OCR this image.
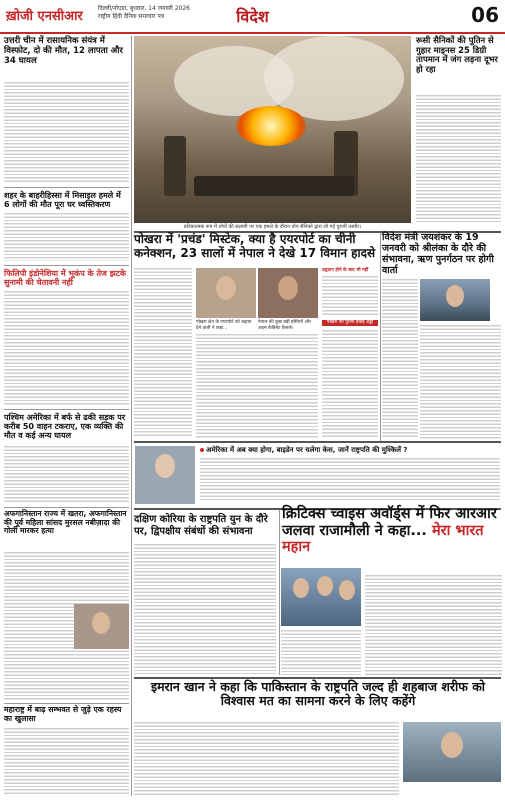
ख़ोजी एनसीआर
दिल्ली/नोएडा, बुधवार, 14 जनवरी 2026
राष्ट्रीय हिंदी दैनिक समाचार पत्र	विदेश	06
उत्तरी चीन में रासायनिक संयंत्र में विस्फोट, दो की मौत, 12 लापता और 34 घायल
शहर के बाहरीहिस्सा में मिसाइल हमले में 6 लोगों की मौत पूरा घर ध्वस्तिकरण
फिलिपी इंडोनेशिया में भूकंप के तेज झटके सुनामी की चेतावनी नहीं
पश्चिम अमेरिका में बर्फ से ढकी सड़क पर करीब 50 वाहन टकराए, एक व्यक्ति की मौत व कई अन्य घायल
अफगानिस्तान राज्य में खतरा, अफगानिस्तान की पूर्व महिला सांसद मुरसल नबीज़ादा की गोली मारकर हत्या
महाराष्ट्र में बाढ़ सम्भवत से जुड़े एक रहस्य का खुलासा
प्रतिकात्मक रूप में तोपों की सलामी पर एक हमले के दौरान तोप सैनिकों द्वारा ली गई पुरानी तस्वीर।
रूसी सैनिकों की पुतिन से गुहार माइनस 25 डिग्री तापमान में जंग लड़ना दूभर हो रहा
पोखरा में 'प्रचंड' मिस्टेक, क्या है एयरपोर्ट का चीनी कनेक्शन, 23 सालों में नेपाल ने देखे 17 विमान हादसे
पोखरा क्षेत्र के एयरपोर्ट को बढ़ावा देने वाली ने कहा...
नेपाल की कुछ बड़ी हस्तियाँ और अहम कैबिनेट फ़ैसले।
उद्घाटन होने के बाद भी नहीं
पोखरा का पुराना हवाई अड्डा
विदेश मंत्री जयशंकर के 19 जनवरी को श्रीलंका के दौरे की संभावना, ऋण पुनर्गठन पर होगी वार्ता
अमेरिका में अब क्या होगा, बाइडेन पर चलेगा केस, जानें राष्ट्रपति की मुश्किलें ?
दक्षिण कोरिया के राष्ट्रपति युन के दौरे पर, द्विपक्षीय संबंधों की संभावना
क्रिटिक्स च्वाइस अवॉर्ड्स में फिर आरआर जलवा राजामौली ने कहा... मेरा भारत महान
इमरान खान ने कहा कि पाकिस्तान के राष्ट्रपति जल्द ही शहबाज शरीफ को विश्वास मत का सामना करने के लिए कहेंगे
